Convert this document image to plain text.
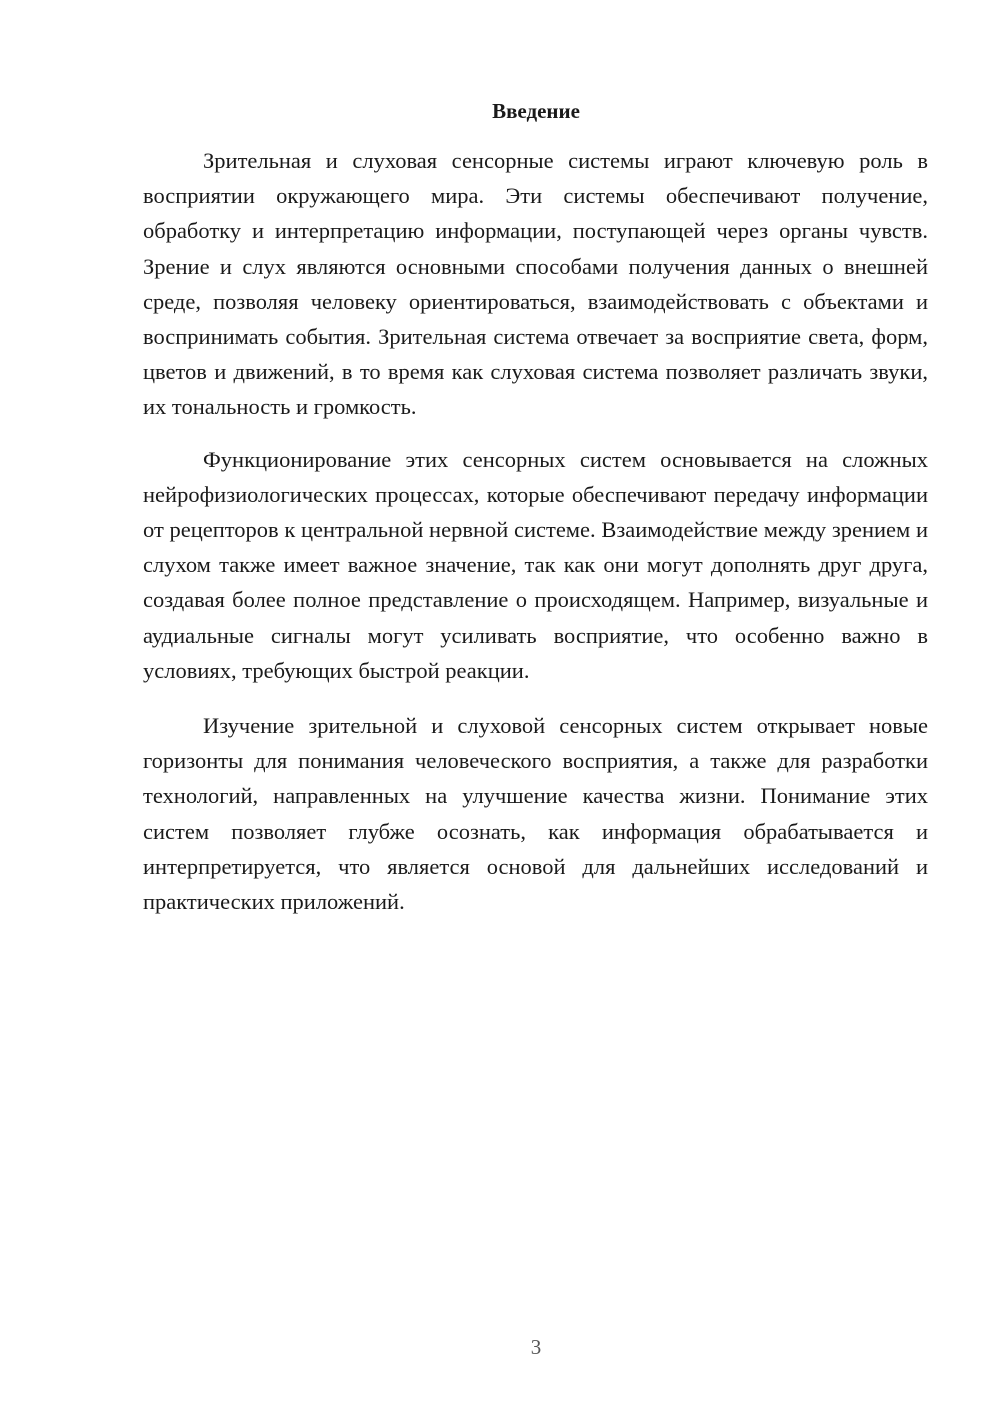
Введение

Зрительная и слуховая сенсорные системы играют ключевую роль в восприятии окружающего мира. Эти системы обеспечивают получение, обработку и интерпретацию информации, поступающей через органы чувств. Зрение и слух являются основными способами получения данных о внешней среде, позволяя человеку ориентироваться, взаимодействовать с объектами и воспринимать события. Зрительная система отвечает за восприятие света, форм, цветов и движений, в то время как слуховая система позволяет различать звуки, их тональность и громкость.

Функционирование этих сенсорных систем основывается на сложных нейрофизиологических процессах, которые обеспечивают передачу информации от рецепторов к центральной нервной системе. Взаимодействие между зрением и слухом также имеет важное значение, так как они могут дополнять друг друга, создавая более полное представление о происходящем. Например, визуальные и аудиальные сигналы могут усиливать восприятие, что особенно важно в условиях, требующих быстрой реакции.

Изучение зрительной и слуховой сенсорных систем открывает новые горизонты для понимания человеческого восприятия, а также для разработки технологий, направленных на улучшение качества жизни. Понимание этих систем позволяет глубже осознать, как информация обрабатывается и интерпретируется, что является основой для дальнейших исследований и практических приложений.

3
